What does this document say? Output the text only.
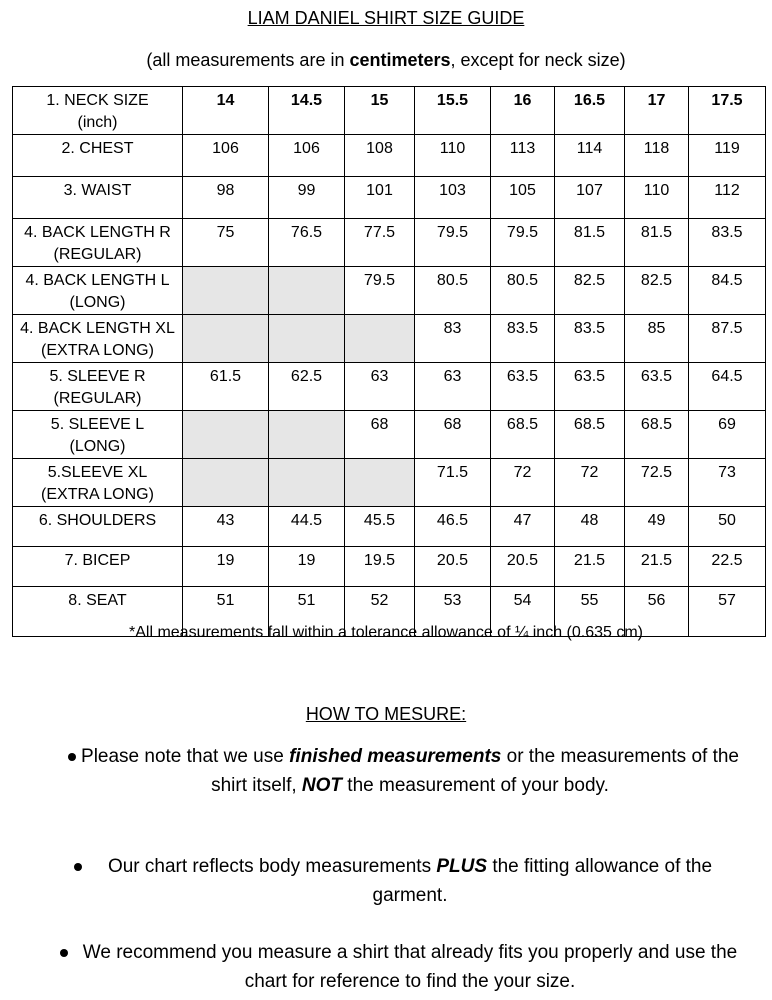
LIAM DANIEL SHIRT SIZE GUIDE
(all measurements are in centimeters, except for neck size)
1. NECK SIZE
(inch)	14	14.5	15	15.5	16	16.5	17	17.5

2. CHEST	106	106	108	110	113	114	118	119

3. WAIST	98	99	101	103	105	107	110	112

4. BACK LENGTH R
(REGULAR)	75	76.5	77.5	79.5	79.5	81.5	81.5	83.5

4. BACK LENGTH L
(LONG)			79.5	80.5	80.5	82.5	82.5	84.5

4. BACK LENGTH XL
(EXTRA LONG)				83	83.5	83.5	85	87.5

5. SLEEVE R
(REGULAR)	61.5	62.5	63	63	63.5	63.5	63.5	64.5

5. SLEEVE L
(LONG)			68	68	68.5	68.5	68.5	69

5.SLEEVE XL
(EXTRA LONG)				71.5	72	72	72.5	73

6. SHOULDERS	43	44.5	45.5	46.5	47	48	49	50

7. BICEP	19	19	19.5	20.5	20.5	21.5	21.5	22.5

8. SEAT	51	51	52	53	54	55	56	57
*All measurements fall within a tolerance allowance of ¼ inch (0.635 cm)
HOW TO MESURE:
Please note that we use finished measurements or the measurements of the shirt itself, NOT the measurement of your body.
Our chart reflects body measurements PLUS the fitting allowance of the garment.
We recommend you measure a shirt that already fits you properly and use the chart for reference to find the your size.
